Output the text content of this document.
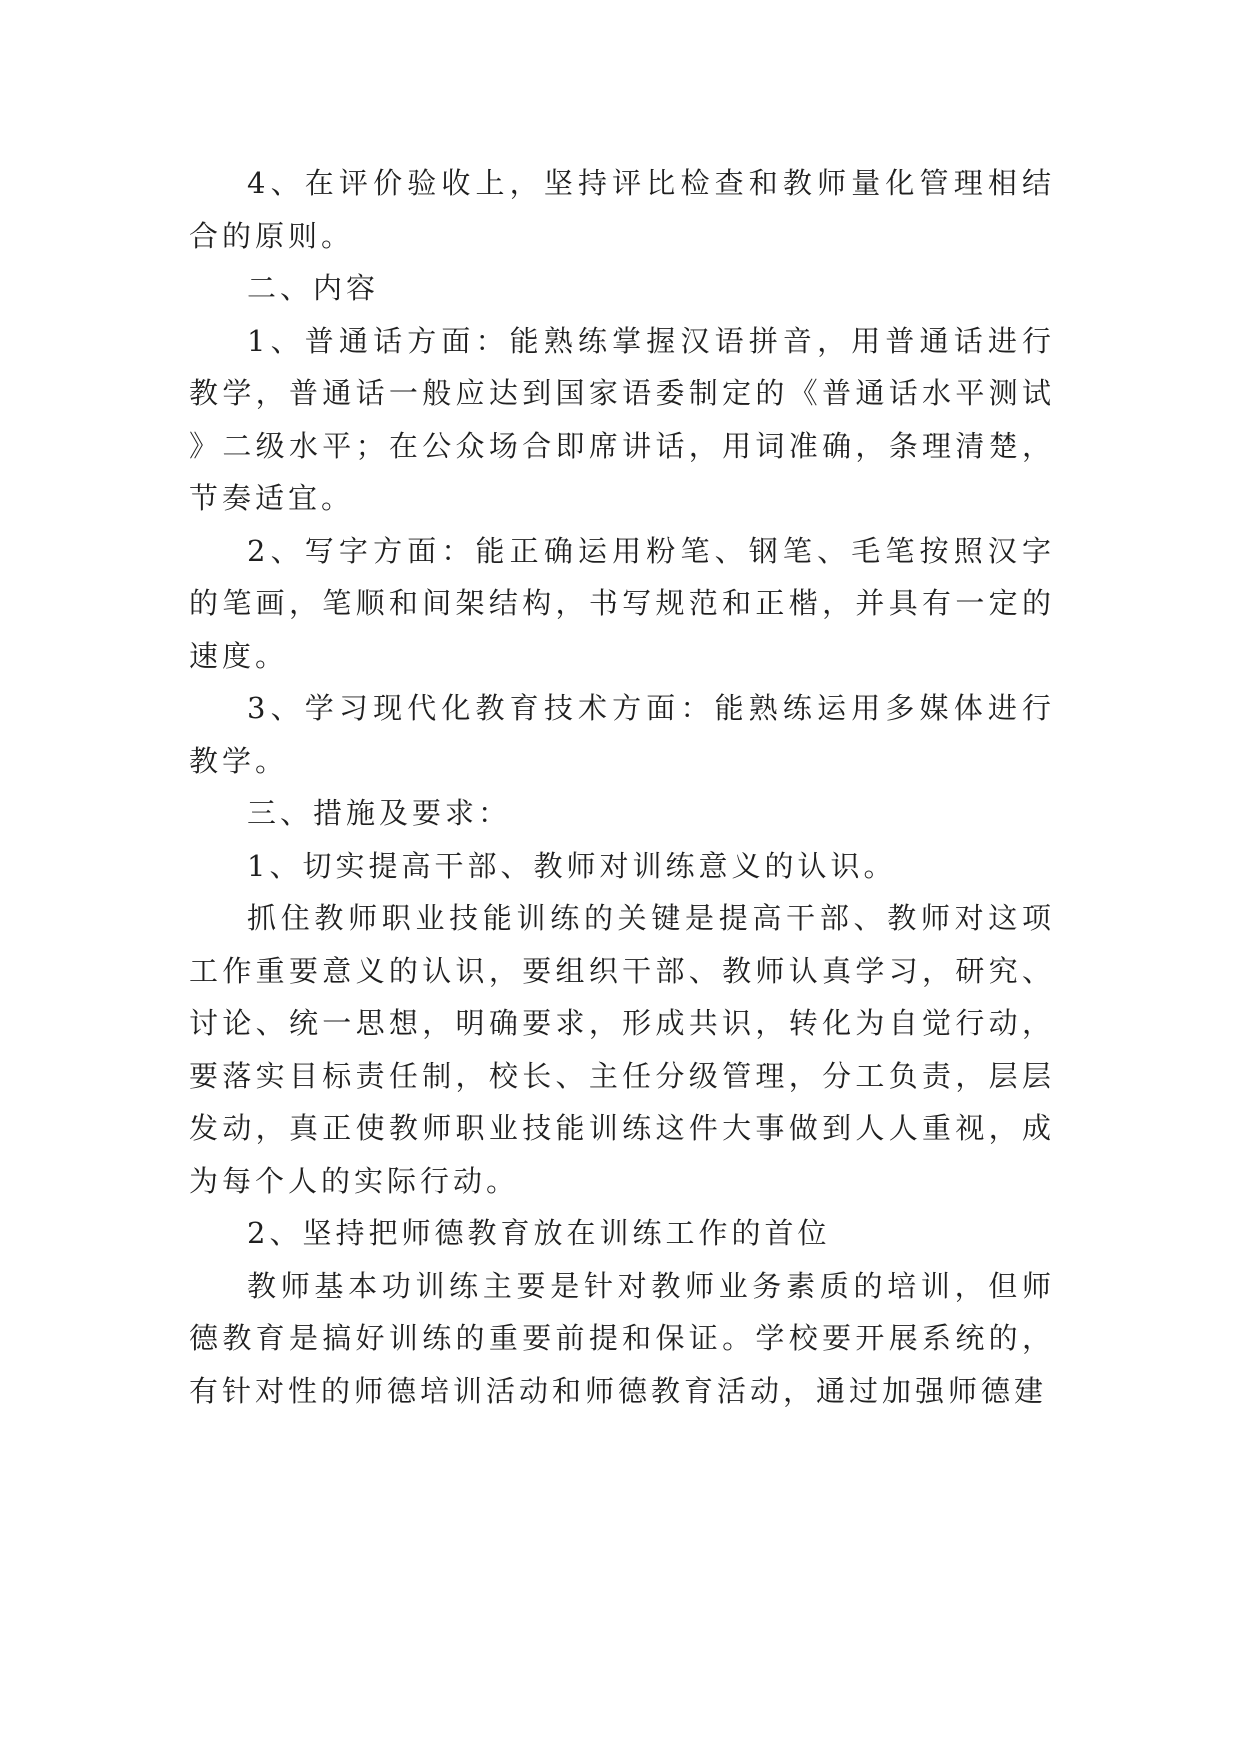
4、在评价验收上，坚持评比检查和教师量化管理相结合的原则。

二、内容

1、普通话方面：能熟练掌握汉语拼音，用普通话进行教学，普通话一般应达到国家语委制定的《普通话水平测试》二级水平；在公众场合即席讲话，用词准确，条理清楚，节奏适宜。

2、写字方面：能正确运用粉笔、钢笔、毛笔按照汉字的笔画，笔顺和间架结构，书写规范和正楷，并具有一定的速度。

3、学习现代化教育技术方面：能熟练运用多媒体进行教学。

三、措施及要求：

1、切实提高干部、教师对训练意义的认识。

抓住教师职业技能训练的关键是提高干部、教师对这项工作重要意义的认识，要组织干部、教师认真学习，研究、讨论、统一思想，明确要求，形成共识，转化为自觉行动，要落实目标责任制，校长、主任分级管理，分工负责，层层发动，真正使教师职业技能训练这件大事做到人人重视，成为每个人的实际行动。

2、坚持把师德教育放在训练工作的首位

教师基本功训练主要是针对教师业务素质的培训，但师德教育是搞好训练的重要前提和保证。学校要开展系统的，有针对性的师德培训活动和师德教育活动，通过加强师德建
